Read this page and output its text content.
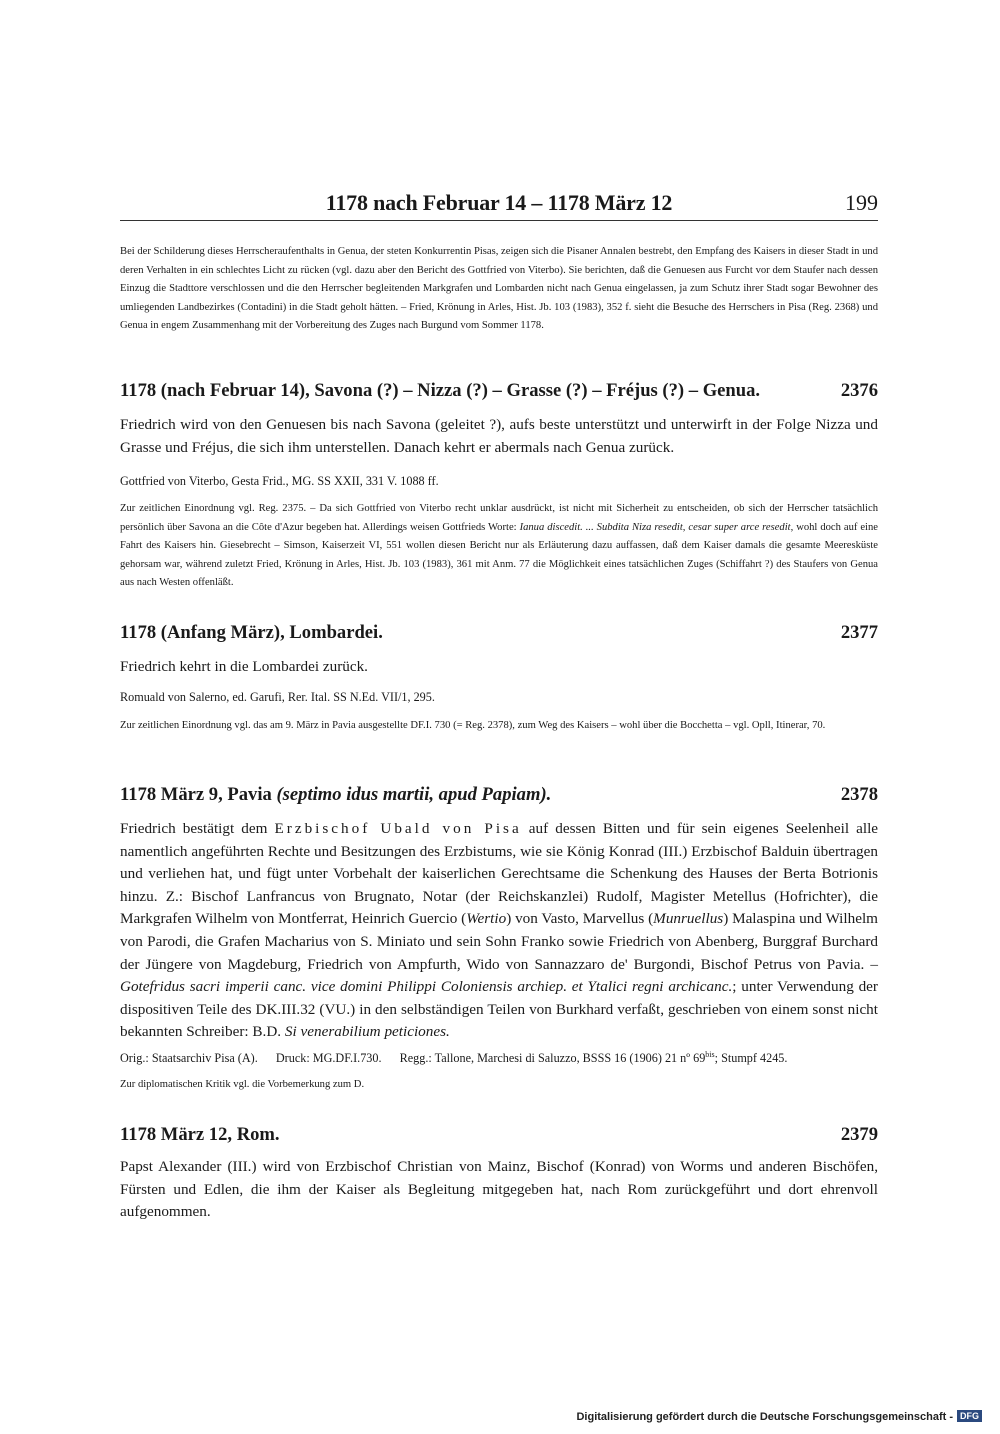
1178 nach Februar 14 – 1178 März 12	199
Bei der Schilderung dieses Herrscheraufenthalts in Genua, der steten Konkurrentin Pisas, zeigen sich die Pisaner Annalen bestrebt, den Empfang des Kaisers in dieser Stadt in und deren Verhalten in ein schlechtes Licht zu rücken (vgl. dazu aber den Bericht des Gottfried von Viterbo). Sie berichten, daß die Genuesen aus Furcht vor dem Staufer nach dessen Einzug die Stadttore verschlossen und die den Herrscher begleitenden Markgrafen und Lombarden nicht nach Genua eingelassen, ja zum Schutz ihrer Stadt sogar Bewohner des umliegenden Landbezirkes (Contadini) in die Stadt geholt hätten. – Fried, Krönung in Arles, Hist. Jb. 103 (1983), 352 f. sieht die Besuche des Herrschers in Pisa (Reg. 2368) und Genua in engem Zusammenhang mit der Vorbereitung des Zuges nach Burgund vom Sommer 1178.
1178 (nach Februar 14), Savona (?) – Nizza (?) – Grasse (?) – Fréjus (?) – Genua.	2376
Friedrich wird von den Genuesen bis nach Savona (geleitet ?), aufs beste unterstützt und unterwirft in der Folge Nizza und Grasse und Fréjus, die sich ihm unterstellen. Danach kehrt er abermals nach Genua zurück.
Gottfried von Viterbo, Gesta Frid., MG. SS XXII, 331 V. 1088 ff.
Zur zeitlichen Einordnung vgl. Reg. 2375. – Da sich Gottfried von Viterbo recht unklar ausdrückt, ist nicht mit Sicherheit zu entscheiden, ob sich der Herrscher tatsächlich persönlich über Savona an die Côte d'Azur begeben hat. Allerdings weisen Gottfrieds Worte: Ianua discedit. ... Subdita Niza resedit, cesar super arce resedit, wohl doch auf eine Fahrt des Kaisers hin. Giesebrecht – Simson, Kaiserzeit VI, 551 wollen diesen Bericht nur als Erläuterung dazu auffassen, daß dem Kaiser damals die gesamte Meeresküste gehorsam war, während zuletzt Fried, Krönung in Arles, Hist. Jb. 103 (1983), 361 mit Anm. 77 die Möglichkeit eines tatsächlichen Zuges (Schiffahrt ?) des Staufers von Genua aus nach Westen offenläßt.
1178 (Anfang März), Lombardei.	2377
Friedrich kehrt in die Lombardei zurück.
Romuald von Salerno, ed. Garufi, Rer. Ital. SS N.Ed. VII/1, 295.
Zur zeitlichen Einordnung vgl. das am 9. März in Pavia ausgestellte DF.I. 730 (= Reg. 2378), zum Weg des Kaisers – wohl über die Bocchetta – vgl. Opll, Itinerar, 70.
1178 März 9, Pavia (septimo idus martii, apud Papiam).	2378
Friedrich bestätigt dem Erzbischof Ubald von Pisa auf dessen Bitten und für sein eigenes Seelenheil alle namentlich angeführten Rechte und Besitzungen des Erzbistums, wie sie König Konrad (III.) Erzbischof Balduin übertragen und verliehen hat, und fügt unter Vorbehalt der kaiserlichen Gerechtsame die Schenkung des Hauses der Berta Botrionis hinzu. Z.: Bischof Lanfrancus von Brugnato, Notar (der Reichskanzlei) Rudolf, Magister Metellus (Hofrichter), die Markgrafen Wilhelm von Montferrat, Heinrich Guercio (Wertio) von Vasto, Marvellus (Munruellus) Malaspina und Wilhelm von Parodi, die Grafen Macharius von S. Miniato und sein Sohn Franko sowie Friedrich von Abenberg, Burggraf Burchard der Jüngere von Magdeburg, Friedrich von Ampfurth, Wido von Sannazzaro de' Burgondi, Bischof Petrus von Pavia. – Gotefridus sacri imperii canc. vice domini Philippi Coloniensis archiep. et Ytalici regni archicanc.; unter Verwendung der dispositiven Teile des DK.III.32 (VU.) in den selbständigen Teilen von Burkhard verfaßt, geschrieben von einem sonst nicht bekannten Schreiber: B.D. Si venerabilium peticiones.
Orig.: Staatsarchiv Pisa (A). Druck: MG.DF.I.730. Regg.: Tallone, Marchesi di Saluzzo, BSSS 16 (1906) 21 nº $69^{bis}$; Stumpf 4245.
Zur diplomatischen Kritik vgl. die Vorbemerkung zum D.
1178 März 12, Rom.	2379
Papst Alexander (III.) wird von Erzbischof Christian von Mainz, Bischof (Konrad) von Worms und anderen Bischöfen, Fürsten und Edlen, die ihm der Kaiser als Begleitung mitgegeben hat, nach Rom zurückgeführt und dort ehrenvoll aufgenommen.
Digitalisierung gefördert durch die Deutsche Forschungsgemeinschaft - DFG
